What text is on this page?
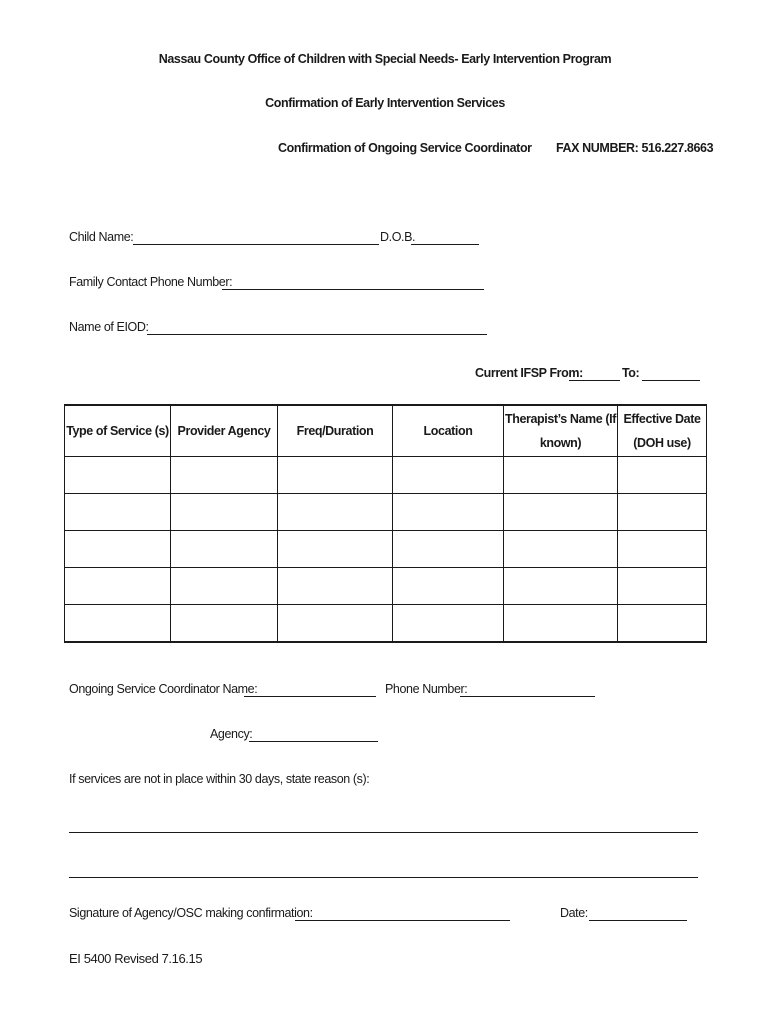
Nassau County Office of Children with Special Needs- Early Intervention Program
Confirmation of Early Intervention Services
Confirmation of Ongoing Service Coordinator FAX NUMBER: 516.227.8663
Child Name:	D.O.B.
Family Contact Phone Number:
Name of EIOD:
Current IFSP From:	To:
Type of Service (s)	Provider Agency	Freq/Duration	Location	Therapist’s Name (If known)	Effective Date (DOH use)

Ongoing Service Coordinator Name:	Phone Number:
Agency:
If services are not in place within 30 days, state reason (s):
Signature of Agency/OSC making confirmation:	Date:
EI 5400 Revised 7.16.15
